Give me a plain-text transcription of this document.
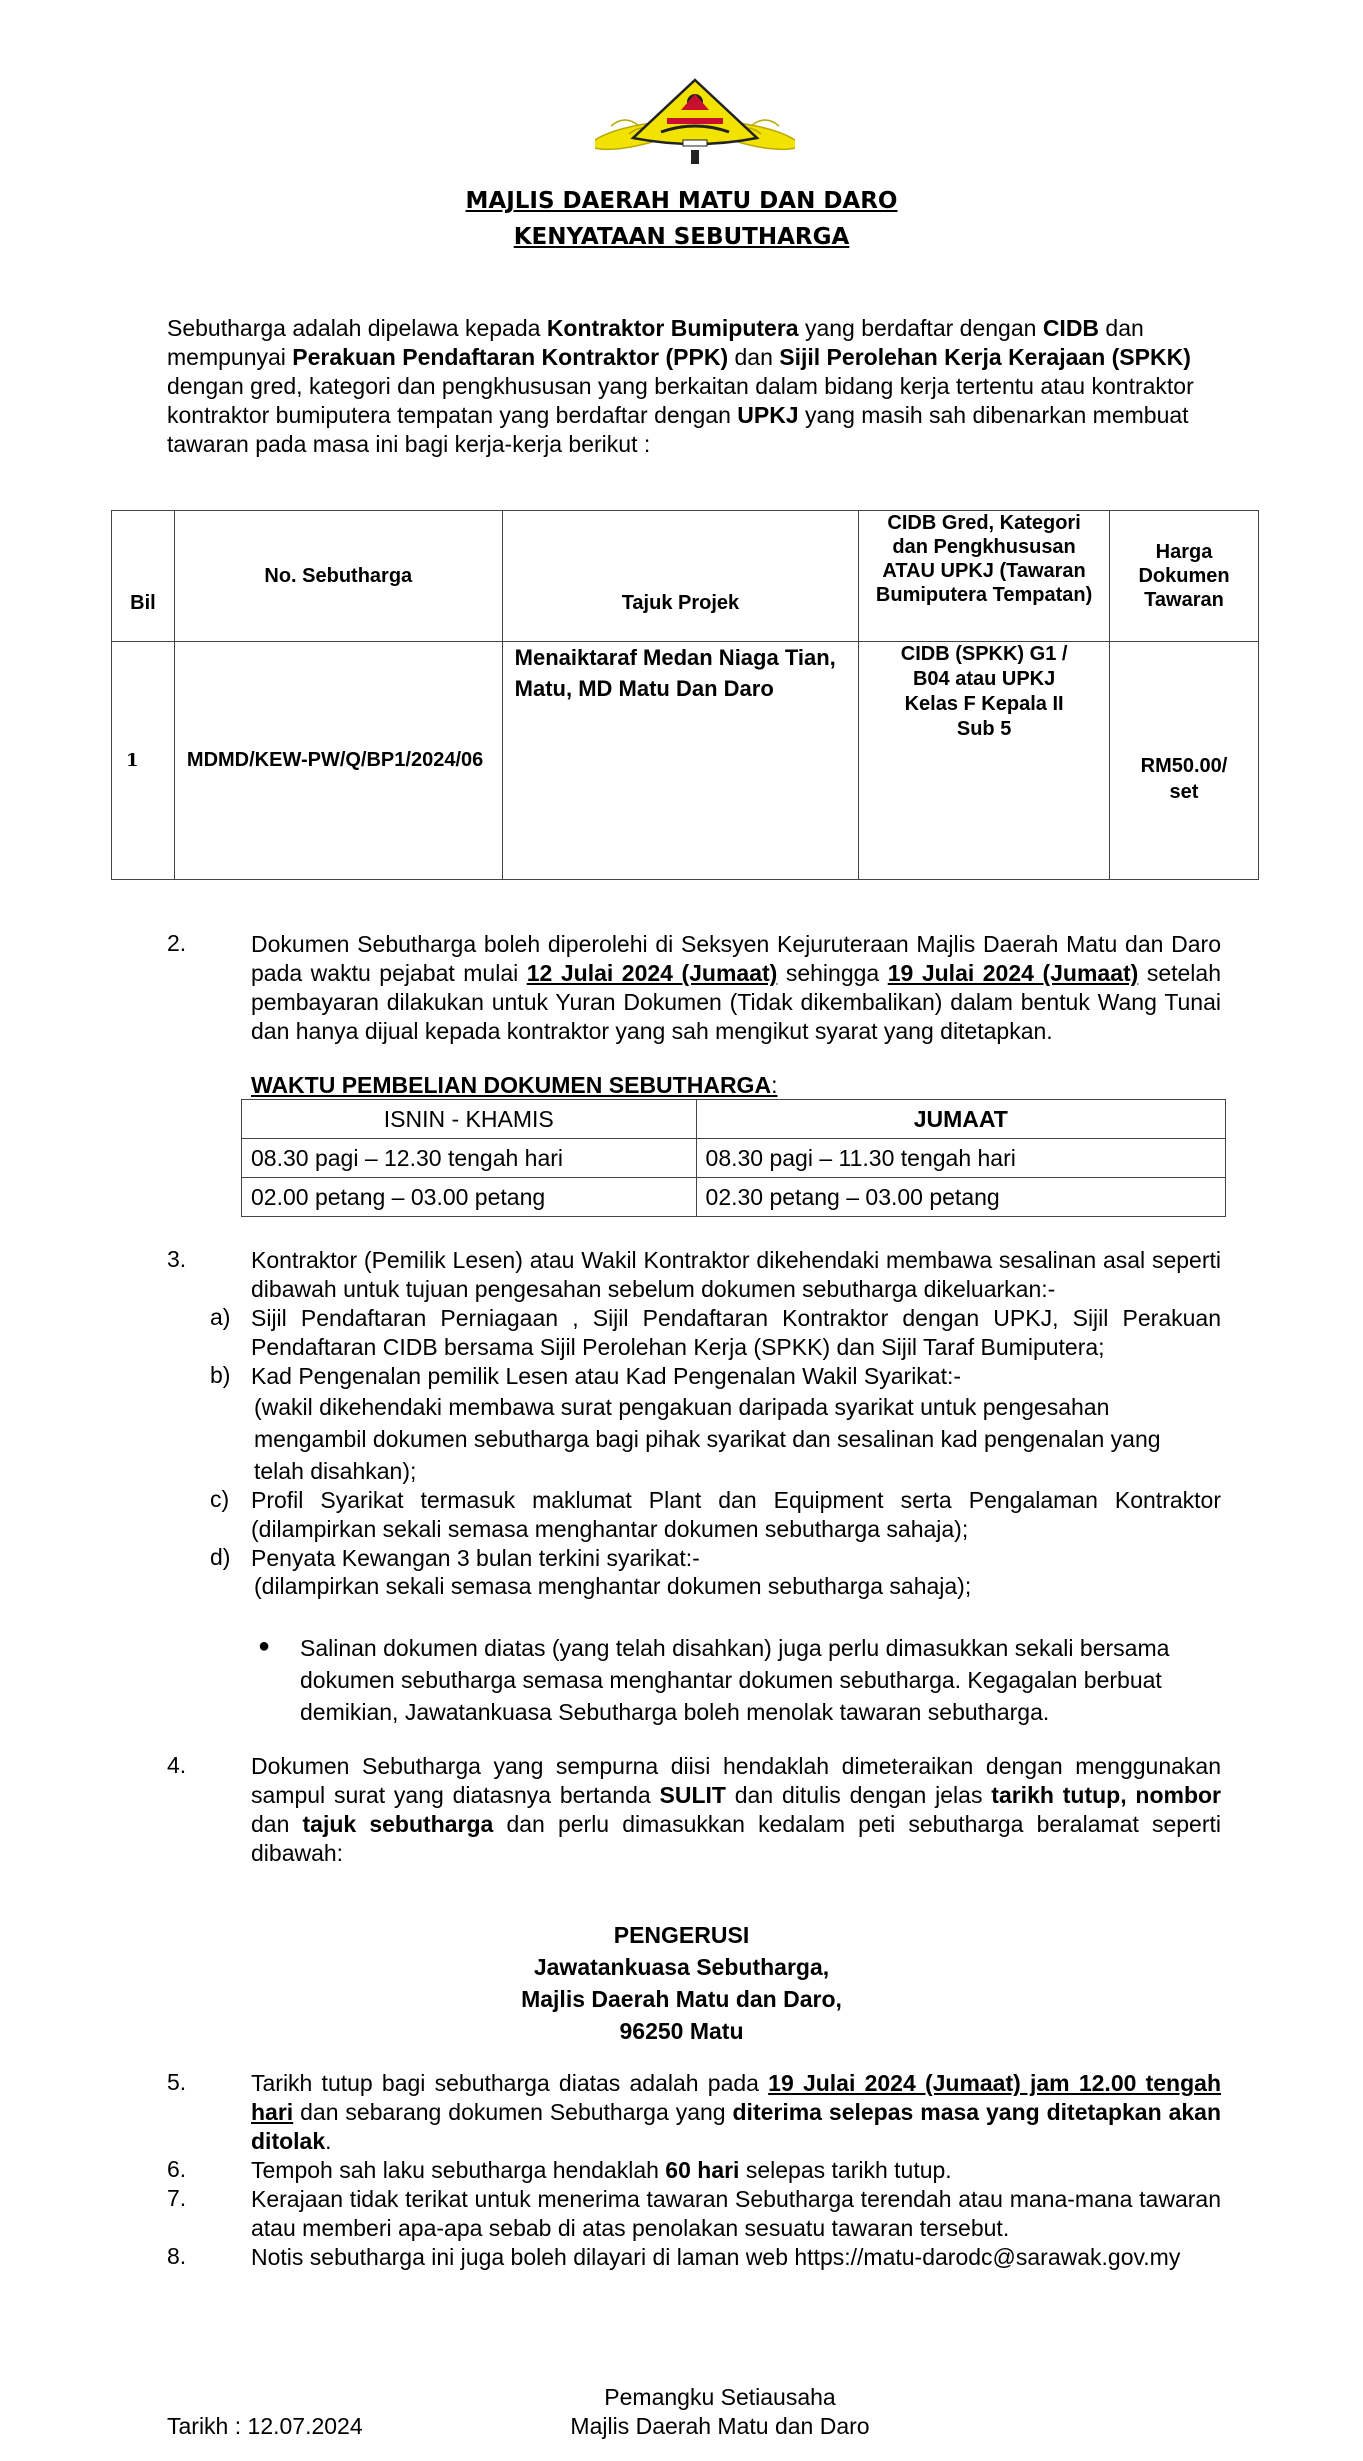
MAJLIS DAERAH MATU DAN DARO
KENYATAAN SEBUTHARGA
Sebutharga adalah dipelawa kepada Kontraktor Bumiputera yang berdaftar dengan CIDB dan mempunyai Perakuan Pendaftaran Kontraktor (PPK) dan Sijil Perolehan Kerja Kerajaan (SPKK) dengan gred, kategori dan pengkhususan yang berkaitan dalam bidang kerja tertentu atau kontraktor kontraktor bumiputera tempatan yang berdaftar dengan UPKJ yang masih sah dibenarkan membuat tawaran pada masa ini bagi kerja-kerja berikut :
Bil	No. Sebutharga	Tajuk Projek	CIDB Gred, Kategori dan Pengkhususan ATAU UPKJ (Tawaran Bumiputera Tempatan)	Harga Dokumen Tawaran
1	MDMD/KEW-PW/Q/BP1/2024/06	Menaiktaraf Medan Niaga Tian, Matu, MD Matu Dan Daro	CIDB (SPKK) G1 / B04 atau UPKJ Kelas F Kepala II Sub 5	RM50.00/ set
2.	Dokumen Sebutharga boleh diperolehi di Seksyen Kejuruteraan Majlis Daerah Matu dan Daro pada waktu pejabat mulai 12 Julai 2024 (Jumaat) sehingga 19 Julai 2024 (Jumaat) setelah pembayaran dilakukan untuk Yuran Dokumen (Tidak dikembalikan) dalam bentuk Wang Tunai dan hanya dijual kepada kontraktor yang sah mengikut syarat yang ditetapkan.
WAKTU PEMBELIAN DOKUMEN SEBUTHARGA:
ISNIN - KHAMIS	JUMAAT
08.30 pagi – 12.30 tengah hari	08.30 pagi – 11.30 tengah hari
02.00 petang – 03.00 petang	02.30 petang – 03.00 petang
3.	Kontraktor (Pemilik Lesen) atau Wakil Kontraktor dikehendaki membawa sesalinan asal seperti dibawah untuk tujuan pengesahan sebelum dokumen sebutharga dikeluarkan:-
a) Sijil Pendaftaran Perniagaan , Sijil Pendaftaran Kontraktor dengan UPKJ, Sijil Perakuan Pendaftaran CIDB bersama Sijil Perolehan Kerja (SPKK) dan Sijil Taraf Bumiputera;
b) Kad Pengenalan pemilik Lesen atau Kad Pengenalan Wakil Syarikat:-
(wakil dikehendaki membawa surat pengakuan daripada syarikat untuk pengesahan mengambil dokumen sebutharga bagi pihak syarikat dan sesalinan kad pengenalan yang telah disahkan);
c) Profil Syarikat termasuk maklumat Plant dan Equipment serta Pengalaman Kontraktor (dilampirkan sekali semasa menghantar dokumen sebutharga sahaja);
d) Penyata Kewangan 3 bulan terkini syarikat:-
(dilampirkan sekali semasa menghantar dokumen sebutharga sahaja);
● Salinan dokumen diatas (yang telah disahkan) juga perlu dimasukkan sekali bersama dokumen sebutharga semasa menghantar dokumen sebutharga. Kegagalan berbuat demikian, Jawatankuasa Sebutharga boleh menolak tawaran sebutharga.
4.	Dokumen Sebutharga yang sempurna diisi hendaklah dimeteraikan dengan menggunakan sampul surat yang diatasnya bertanda SULIT dan ditulis dengan jelas tarikh tutup, nombor dan tajuk sebutharga dan perlu dimasukkan kedalam peti sebutharga beralamat seperti dibawah:
PENGERUSI
Jawatankuasa Sebutharga,
Majlis Daerah Matu dan Daro,
96250 Matu
5.	Tarikh tutup bagi sebutharga diatas adalah pada 19 Julai 2024 (Jumaat) jam 12.00 tengah hari dan sebarang dokumen Sebutharga yang diterima selepas masa yang ditetapkan akan ditolak.
6.	Tempoh sah laku sebutharga hendaklah 60 hari selepas tarikh tutup.
7.	Kerajaan tidak terikat untuk menerima tawaran Sebutharga terendah atau mana-mana tawaran atau memberi apa-apa sebab di atas penolakan sesuatu tawaran tersebut.
8.	Notis sebutharga ini juga boleh dilayari di laman web https://matu-darodc@sarawak.gov.my
Pemangku Setiausaha
Majlis Daerah Matu dan Daro
Tarikh : 12.07.2024
